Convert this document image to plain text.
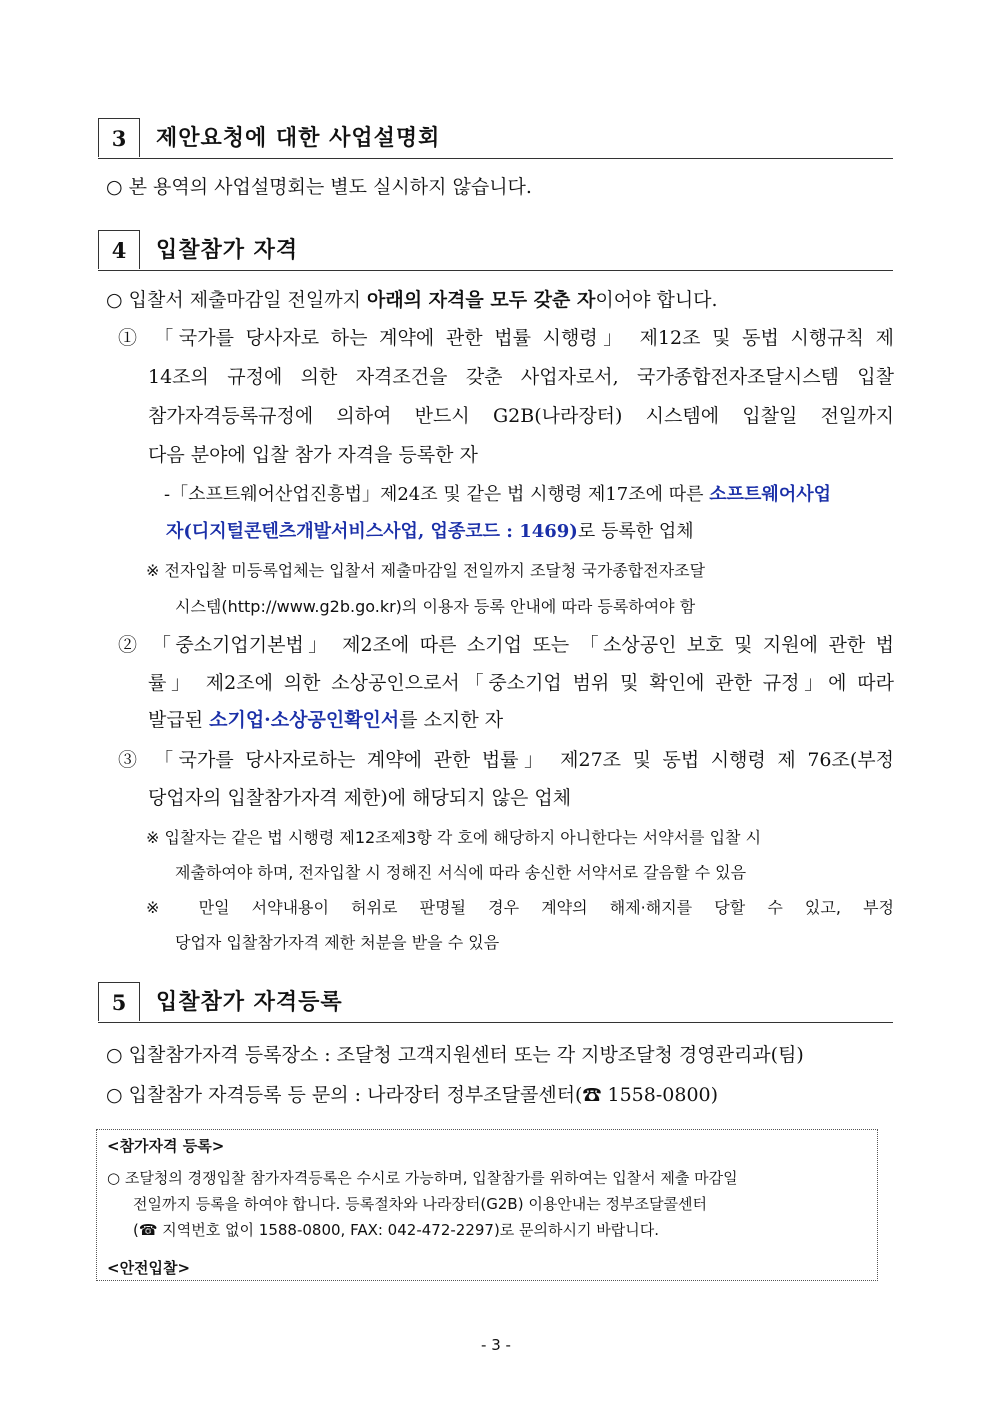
3	제안요청에 대한 사업설명회
○ 본 용역의 사업설명회는 별도 실시하지 않습니다.
4	입찰참가 자격
○ 입찰서 제출마감일 전일까지 아래의 자격을 모두 갖춘 자이어야 합니다.
① 「국가를 당사자로 하는 계약에 관한 법률 시행령」 제12조 및 동법 시행규칙 제
14조의 규정에 의한 자격조건을 갖춘 사업자로서, 국가종합전자조달시스템 입찰
참가자격등록규정에 의하여 반드시 G2B(나라장터) 시스템에 입찰일 전일까지
다음 분야에 입찰 참가 자격을 등록한 자
-「소프트웨어산업진흥법」제24조 및 같은 법 시행령 제17조에 따른 소프트웨어사업
자(디지털콘텐츠개발서비스사업, 업종코드 : 1469)로 등록한 업체
※ 전자입찰 미등록업체는 입찰서 제출마감일 전일까지 조달청 국가종합전자조달
시스템(http://www.g2b.go.kr)의 이용자 등록 안내에 따라 등록하여야 함
② 「중소기업기본법」 제2조에 따른 소기업 또는 「소상공인 보호 및 지원에 관한 법
률」 제2조에 의한 소상공인으로서「중소기업 범위 및 확인에 관한 규정」에 따라
발급된 소기업·소상공인확인서를 소지한 자
③ 「국가를 당사자로하는 계약에 관한 법률」 제27조 및 동법 시행령 제 76조(부정
당업자의 입찰참가자격 제한)에 해당되지 않은 업체
※ 입찰자는 같은 법 시행령 제12조제3항 각 호에 해당하지 아니한다는 서약서를 입찰 시
제출하여야 하며, 전자입찰 시 정해진 서식에 따라 송신한 서약서로 갈음할 수 있음
※ 만일 서약내용이 허위로 판명될 경우 계약의 해제·해지를 당할 수 있고, 부정
당업자 입찰참가자격 제한 처분을 받을 수 있음
5	입찰참가 자격등록
○ 입찰참가자격 등록장소 : 조달청 고객지원센터 또는 각 지방조달청 경영관리과(팀)
○ 입찰참가 자격등록 등 문의 : 나라장터 정부조달콜센터(☎ 1558-0800)
<참가자격 등록>
○ 조달청의 경쟁입찰 참가자격등록은 수시로 가능하며, 입찰참가를 위하여는 입찰서 제출 마감일
전일까지 등록을 하여야 합니다. 등록절차와 나라장터(G2B) 이용안내는 정부조달콜센터
(☎ 지역번호 없이 1588-0800, FAX: 042-472-2297)로 문의하시기 바랍니다.
<안전입찰>
- 3 -
